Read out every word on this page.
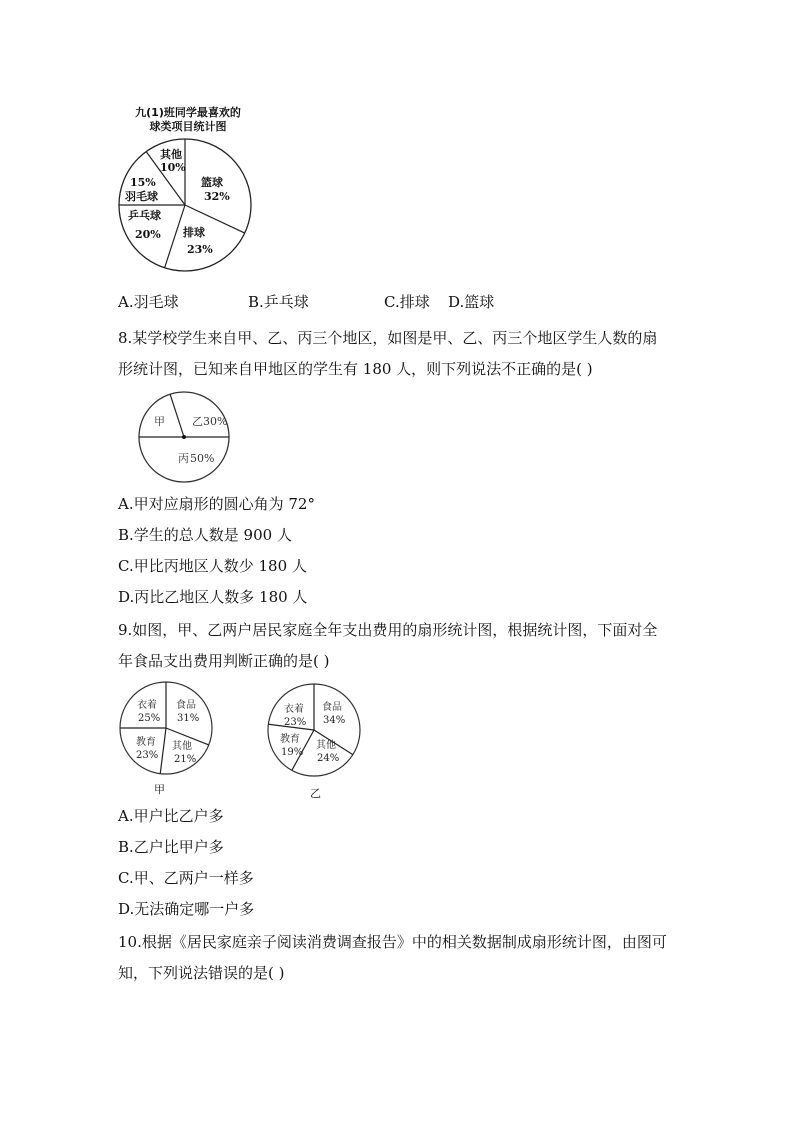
九(1)班同学最喜欢的
球类项目统计图
篮球
32%
排球
23%
乒乓球
20%
15%
羽毛球
其他
10%
A.羽毛球	B.乒乓球	C.排球 D.篮球
8.某学校学生来自甲、乙、丙三个地区，如图是甲、乙、丙三个地区学生人数的扇
形统计图，已知来自甲地区的学生有 180 人，则下列说法不正确的是( )
甲 乙 30%
丙 50%
A.甲对应扇形的圆心角为 72°
B.学生的总人数是 900 人
C.甲比丙地区人数少 180 人
D.丙比乙地区人数多 180 人
9.如图，甲、乙两户居民家庭全年支出费用的扇形统计图，根据统计图，下面对全
年食品支出费用判断正确的是( )
衣着
25%
食品
31%
其他
21%
教育
23%
甲
衣着
23%
食品
34%
其他
24%
教育
19%
乙
A.甲户比乙户多
B.乙户比甲户多
C.甲、乙两户一样多
D.无法确定哪一户多
10.根据《居民家庭亲子阅读消费调查报告》中的相关数据制成扇形统计图，由图可
知，下列说法错误的是( )
